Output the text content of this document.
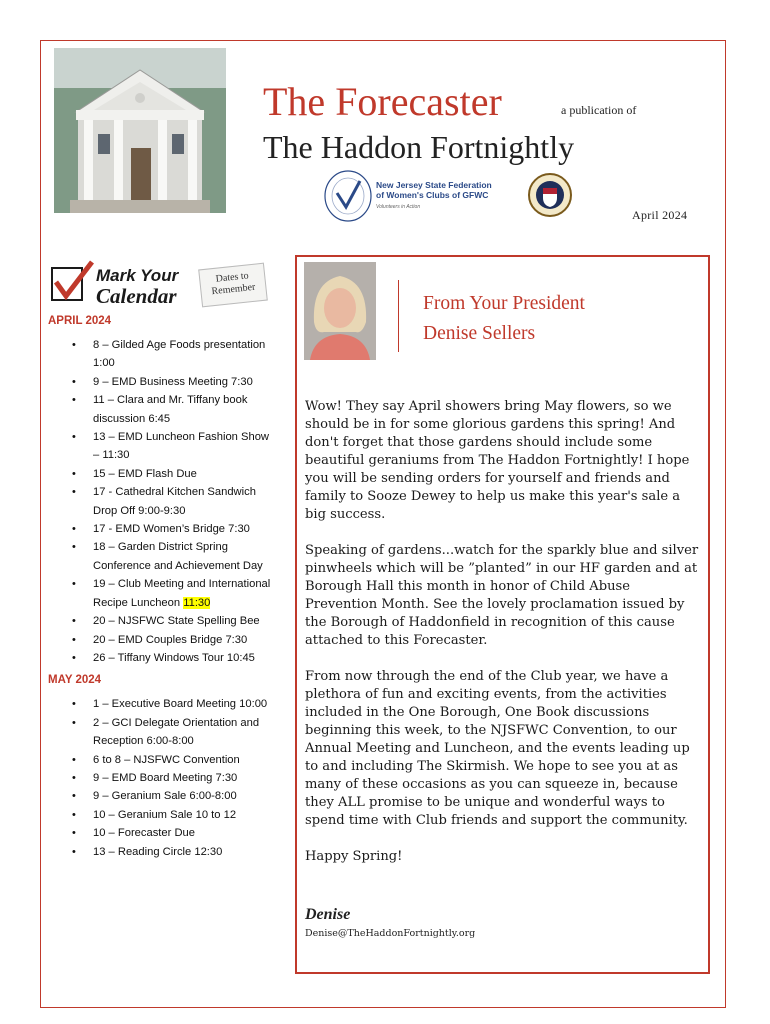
The Forecaster	a publication of
The Haddon Fortnightly
New Jersey State Federation
of Women's Clubs of GFWC
Volunteers in Action
April 2024
Mark Your
Calendar
Dates to
Remember
APRIL 2024
• 8 – Gilded Age Foods presentation 1:00
• 9 – EMD Business Meeting 7:30
• 11 – Clara and Mr. Tiffany book discussion 6:45
• 13 – EMD Luncheon Fashion Show – 11:30
• 15 – EMD Flash Due
• 17 - Cathedral Kitchen Sandwich Drop Off 9:00-9:30
• 17 - EMD Women’s Bridge 7:30
• 18 – Garden District Spring Conference and Achievement Day
• 19 – Club Meeting and International Recipe Luncheon 11:30
• 20 – NJSFWC State Spelling Bee
• 20 – EMD Couples Bridge 7:30
• 26 – Tiffany Windows Tour 10:45
MAY 2024
• 1 – Executive Board Meeting 10:00
• 2 – GCI Delegate Orientation and Reception 6:00-8:00
• 6 to 8 – NJSFWC Convention
• 9 – EMD Board Meeting 7:30
• 9 – Geranium Sale 6:00-8:00
• 10 – Geranium Sale 10 to 12
• 10 – Forecaster Due
• 13 – Reading Circle 12:30
From Your President
Denise Sellers

Wow! They say April showers bring May flowers, so we should be in for some glorious gardens this spring! And don't forget that those gardens should include some beautiful geraniums from The Haddon Fortnightly! I hope you will be sending orders for yourself and friends and family to Sooze Dewey to help us make this year's sale a big success.

Speaking of gardens...watch for the sparkly blue and silver pinwheels which will be ”planted” in our HF garden and at Borough Hall this month in honor of Child Abuse Prevention Month. See the lovely proclamation issued by the Borough of Haddonfield in recognition of this cause attached to this Forecaster.

From now through the end of the Club year, we have a plethora of fun and exciting events, from the activities included in the One Borough, One Book discussions beginning this week, to the NJSFWC Convention, to our Annual Meeting and Luncheon, and the events leading up to and including The Skirmish. We hope to see you at as many of these occasions as you can squeeze in, because they ALL promise to be unique and wonderful ways to spend time with Club friends and support the community.

Happy Spring!

Denise
Denise@TheHaddonFortnightly.org
